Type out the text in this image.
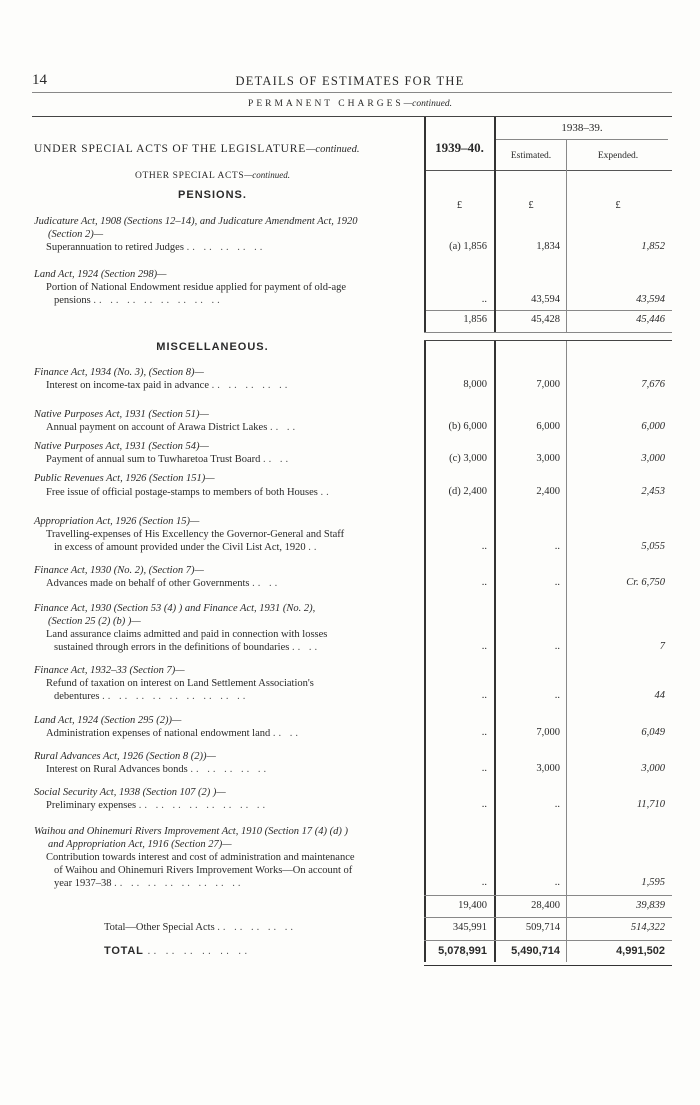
14	DETAILS OF ESTIMATES FOR THE
PERMANENT CHARGES—continued.
UNDER SPECIAL ACTS OF THE LEGISLATURE—continued.
OTHER SPECIAL ACTS—continued.
1939–40.
1938–39.
Estimated.	Expended.
£	£	£
PENSIONS.
Judicature Act, 1908 (Sections 12–14), and Judicature Amendment Act, 1920
(Section 2)—
Superannuation to retired Judges .. .. .. .. ..	(a) 1,856	1,834	1,852
Land Act, 1924 (Section 298)—
Portion of National Endowment residue applied for payment of old-age
pensions .. .. .. .. .. .. .. ..	..	43,594	43,594
1,856	45,428	45,446
MISCELLANEOUS.
Finance Act, 1934 (No. 3), (Section 8)—
Interest on income-tax paid in advance .. .. .. .. ..	8,000	7,000	7,676
Native Purposes Act, 1931 (Section 51)—
Annual payment on account of Arawa District Lakes .. ..	(b) 6,000	6,000	6,000
Native Purposes Act, 1931 (Section 54)—
Payment of annual sum to Tuwharetoa Trust Board .. ..	(c) 3,000	3,000	3,000
Public Revenues Act, 1926 (Section 151)—
Free issue of official postage-stamps to members of both Houses ..	(d) 2,400	2,400	2,453
Appropriation Act, 1926 (Section 15)—
Travelling-expenses of His Excellency the Governor-General and Staff
in excess of amount provided under the Civil List Act, 1920 ..	..	..	5,055
Finance Act, 1930 (No. 2), (Section 7)—
Advances made on behalf of other Governments .. ..	..	..	Cr. 6,750
Finance Act, 1930 (Section 53 (4) ) and Finance Act, 1931 (No. 2),
(Section 25 (2) (b) )—
Land assurance claims admitted and paid in connection with losses
sustained through errors in the definitions of boundaries .. ..	..	..	7
Finance Act, 1932–33 (Section 7)—
Refund of taxation on interest on Land Settlement Association's
debentures .. .. .. .. .. .. .. .. ..	..	..	44
Land Act, 1924 (Section 295 (2))—
Administration expenses of national endowment land .. ..	..	7,000	6,049
Rural Advances Act, 1926 (Section 8 (2))—
Interest on Rural Advances bonds .. .. .. .. ..	..	3,000	3,000
Social Security Act, 1938 (Section 107 (2) )—
Preliminary expenses .. .. .. .. .. .. .. ..	..	..	11,710
Waihou and Ohinemuri Rivers Improvement Act, 1910 (Section 17 (4) (d) )
and Appropriation Act, 1916 (Section 27)—
Contribution towards interest and cost of administration and maintenance
of Waihou and Ohinemuri Rivers Improvement Works—On account of
year 1937–38 .. .. .. .. .. .. .. ..	..	..	1,595
19,400	28,400	39,839
Total—Other Special Acts .. .. .. .. ..	345,991	509,714	514,322
TOTAL .. .. .. .. .. ..	5,078,991	5,490,714	4,991,502
